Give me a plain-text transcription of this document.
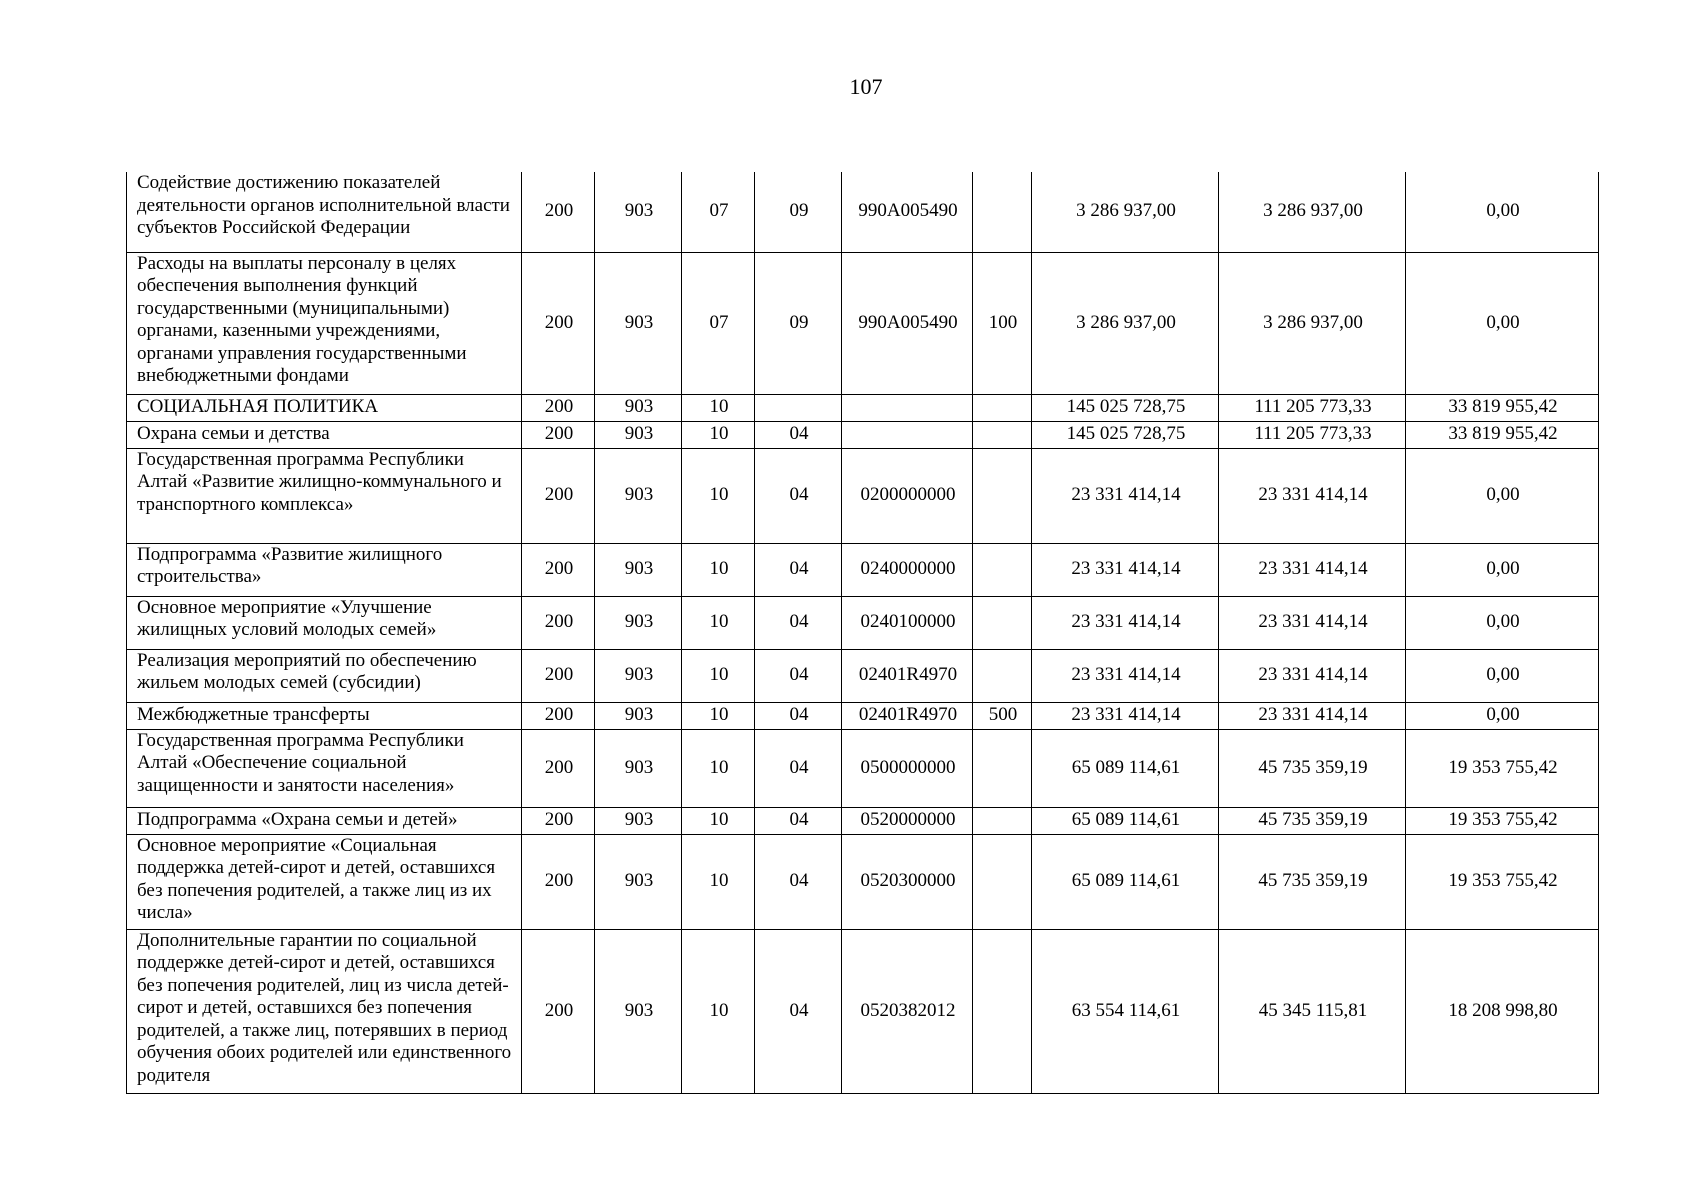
107
Содействие достижению показателей деятельности органов исполнительной власти субъектов Российской Федерации	200	903	07	09	990А005490		3 286 937,00	3 286 937,00	0,00
Расходы на выплаты персоналу в целях обеспечения выполнения функций государственными (муниципальными) органами, казенными учреждениями, органами управления государственными внебюджетными фондами	200	903	07	09	990А005490	100	3 286 937,00	3 286 937,00	0,00
СОЦИАЛЬНАЯ ПОЛИТИКА	200	903	10				145 025 728,75	111 205 773,33	33 819 955,42
Охрана семьи и детства	200	903	10	04			145 025 728,75	111 205 773,33	33 819 955,42
Государственная программа Республики Алтай «Развитие жилищно-коммунального и транспортного комплекса»	200	903	10	04	0200000000		23 331 414,14	23 331 414,14	0,00
Подпрограмма «Развитие жилищного строительства»	200	903	10	04	0240000000		23 331 414,14	23 331 414,14	0,00
Основное мероприятие «Улучшение жилищных условий молодых семей»	200	903	10	04	0240100000		23 331 414,14	23 331 414,14	0,00
Реализация мероприятий по обеспечению жильем молодых семей (субсидии)	200	903	10	04	02401R4970		23 331 414,14	23 331 414,14	0,00
Межбюджетные трансферты	200	903	10	04	02401R4970	500	23 331 414,14	23 331 414,14	0,00
Государственная программа Республики Алтай «Обеспечение социальной защищенности и занятости населения»	200	903	10	04	0500000000		65 089 114,61	45 735 359,19	19 353 755,42
Подпрограмма «Охрана семьи и детей»	200	903	10	04	0520000000		65 089 114,61	45 735 359,19	19 353 755,42
Основное мероприятие «Социальная поддержка детей-сирот и детей, оставшихся без попечения родителей, а также лиц из их числа»	200	903	10	04	0520300000		65 089 114,61	45 735 359,19	19 353 755,42
Дополнительные гарантии по социальной поддержке детей-сирот и детей, оставшихся без попечения родителей, лиц из числа детей-сирот и детей, оставшихся без попечения родителей, а также лиц, потерявших в период обучения обоих родителей или единственного родителя	200	903	10	04	0520382012		63 554 114,61	45 345 115,81	18 208 998,80
